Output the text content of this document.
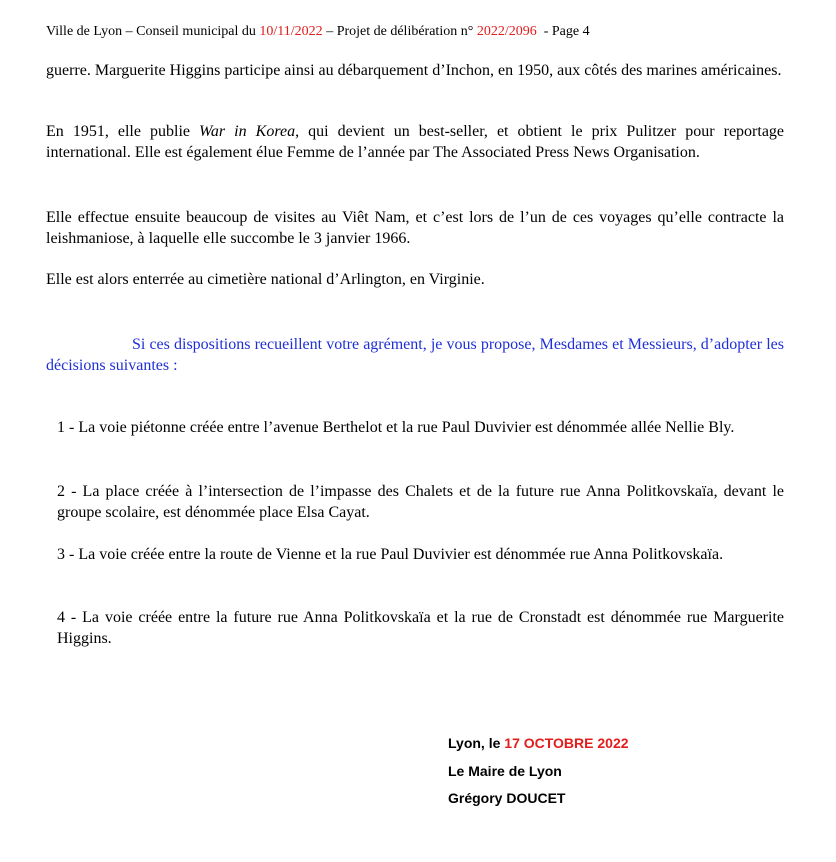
Ville de Lyon – Conseil municipal du 10/11/2022 – Projet de délibération n° 2022/2096  - Page 4

guerre. Marguerite Higgins participe ainsi au débarquement d’Inchon, en 1950, aux côtés des marines américaines.

En 1951, elle publie War in Korea, qui devient un best-seller, et obtient le prix Pulitzer pour reportage international. Elle est également élue Femme de l’année par The Associated Press News Organisation.

Elle effectue ensuite beaucoup de visites au Viêt Nam, et c’est lors de l’un de ces voyages qu’elle contracte la leishmaniose, à laquelle elle succombe le 3 janvier 1966.

Elle est alors enterrée au cimetière national d’Arlington, en Virginie.

Si ces dispositions recueillent votre agrément, je vous propose, Mesdames et Messieurs, d’adopter les décisions suivantes :

1 - La voie piétonne créée entre l’avenue Berthelot et la rue Paul Duvivier est dénommée allée Nellie Bly.

2 - La place créée à l’intersection de l’impasse des Chalets et de la future rue Anna Politkovskaïa, devant le groupe scolaire, est dénommée place Elsa Cayat.

3 - La voie créée entre la route de Vienne et la rue Paul Duvivier est dénommée rue Anna Politkovskaïa.

4 - La voie créée entre la future rue Anna Politkovskaïa et la rue de Cronstadt est dénommée rue Marguerite Higgins.

Lyon, le 17 OCTOBRE 2022
Le Maire de Lyon
Grégory DOUCET
